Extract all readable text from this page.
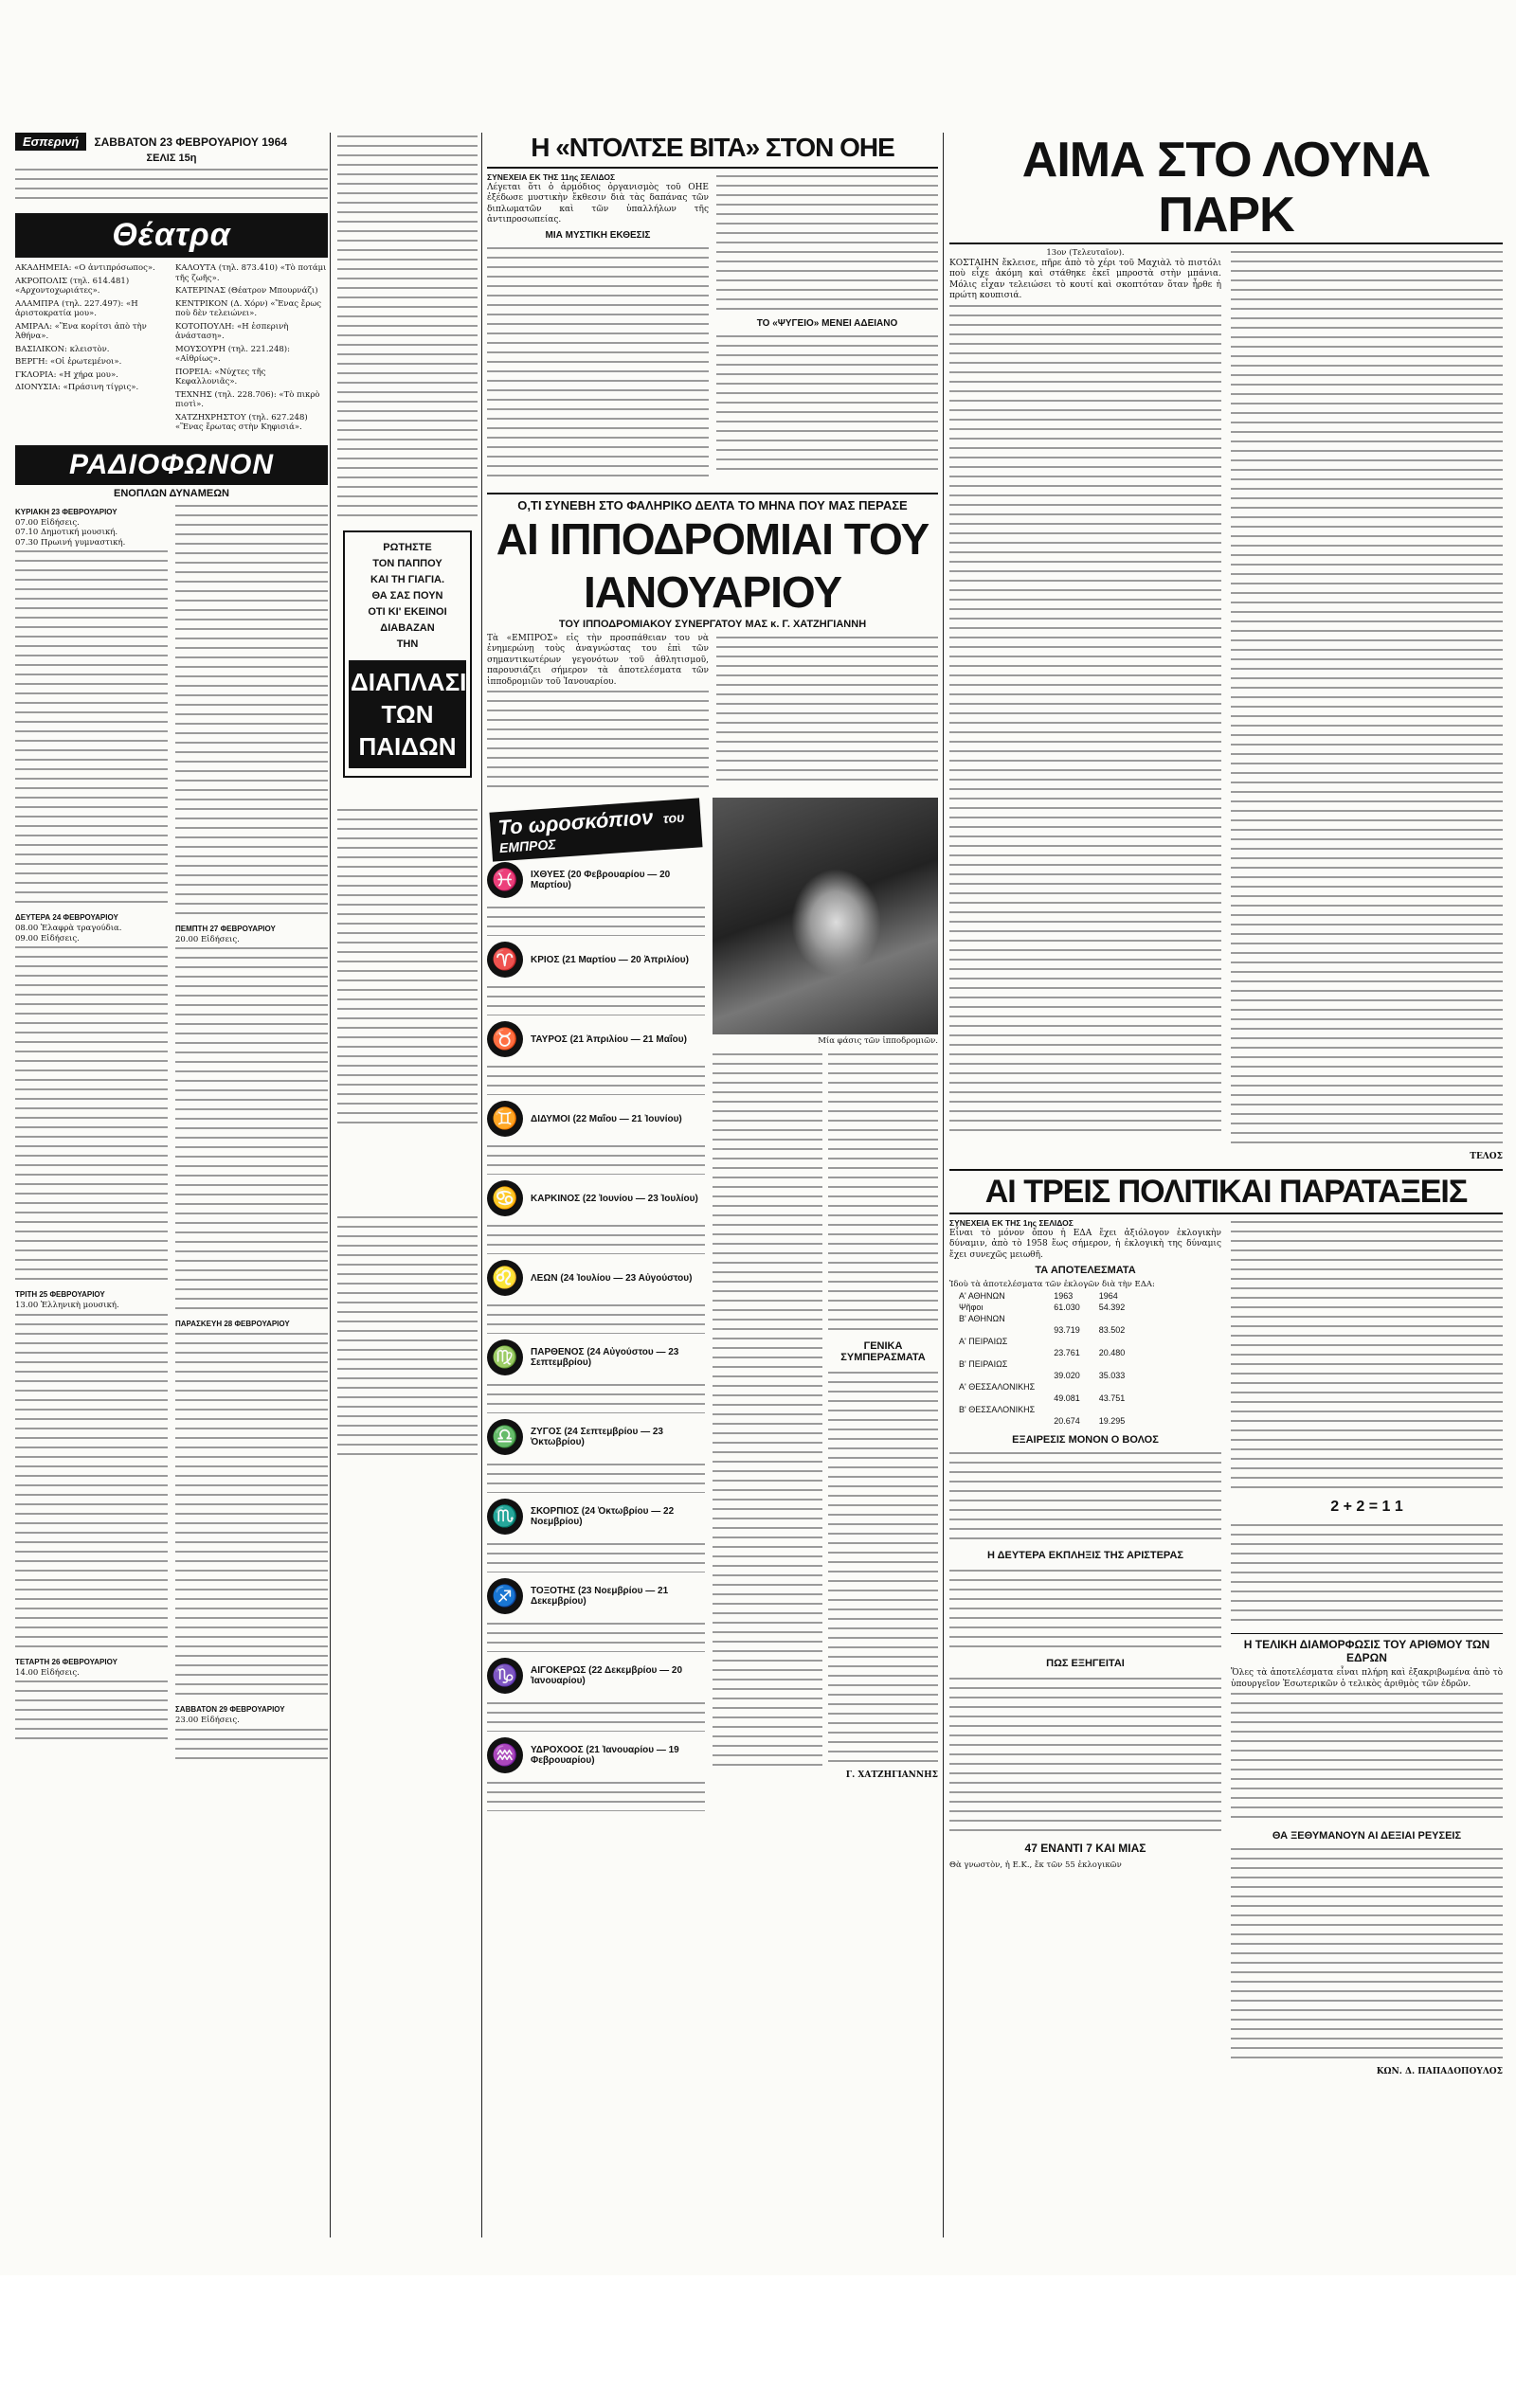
Εσπερινή	ΣΑΒΒΑΤΟΝ 23 ΦΕΒΡΟΥΑΡΙΟΥ 1964
ΣΕΛΙΣ 15η
Θέατρα

ΑΚΑΔΗΜΕΙΑ: «Ο ἀντιπρόσωπος».

ΑΚΡΟΠΟΛΙΣ (τηλ. 614.481) «Αρχοντοχωριάτες».

ΑΛΑΜΠΡΑ (τηλ. 227.497): «Η ἀριστοκρατία μου».

ΑΜΙΡΑΛ: «Ἕνα κορίτσι ἀπὸ τὴν Ἀθήνα».

ΒΑΣΙΛΙΚΟΝ: κλειστὸν.

ΒΕΡΓΗ: «Οἱ ἐρωτεμένοι».

ΓΚΛΟΡΙΑ: «Η χήρα μου».

ΔΙΟΝΥΣΙΑ: «Πράσινη τίγρις».

ΚΑΛΟΥΤΑ (τηλ. 873.410) «Τὸ ποτάμι τῆς ζωῆς».

ΚΑΤΕΡΙΝΑΣ (Θέατρον Μπουρνάζι)

ΚΕΝΤΡΙΚΟΝ (Δ. Χόρν) «Ἕνας ἔρως ποὺ δὲν τελειώνει».

ΚΟΤΟΠΟΥΛΗ: «Η ἐσπερινὴ ἀνάσταση».

ΜΟΥΣΟΥΡΗ (τηλ. 221.248): «Αἰθρίως».

ΠΟΡΕΙΑ: «Νύχτες τῆς Κεφαλλονιᾶς».

ΤΕΧΝΗΣ (τηλ. 228.706): «Τὸ πικρὸ πιοτὶ».

ΧΑΤΖΗΧΡΗΣΤΟΥ (τηλ. 627.248) «Ἕνας ἔρωτας στὴν Κηφισιά».

ΡΑΔΙΟΦΩΝΟΝ
ΕΝΟΠΛΩΝ ΔΥΝΑΜΕΩΝ
ΚΥΡΙΑΚΗ 23 ΦΕΒΡΟΥΑΡΙΟΥ
07.00 Εἰδήσεις.
07.10 Δημοτική μουσική.
07.30 Πρωινή γυμναστική.
ΔΕΥΤΕΡΑ 24 ΦΕΒΡΟΥΑΡΙΟΥ
08.00 Ἐλαφρὰ τραγούδια.
09.00 Εἰδήσεις.
ΤΡΙΤΗ 25 ΦΕΒΡΟΥΑΡΙΟΥ
13.00 Ἑλληνικὴ μουσική.
ΤΕΤΑΡΤΗ 26 ΦΕΒΡΟΥΑΡΙΟΥ
14.00 Εἰδήσεις.
ΠΕΜΠΤΗ 27 ΦΕΒΡΟΥΑΡΙΟΥ
20.00 Εἰδήσεις.
ΠΑΡΑΣΚΕΥΗ 28 ΦΕΒΡΟΥΑΡΙΟΥ
ΣΑΒΒΑΤΟΝ 29 ΦΕΒΡΟΥΑΡΙΟΥ
23.00 Εἰδήσεις.
ΡΩΤΗΣΤΕ
ΤΟΝ ΠΑΠΠΟΥ
ΚΑΙ ΤΗ ΓΙΑΓΙΑ.
ΘΑ ΣΑΣ ΠΟΥΝ
ΟΤΙ ΚΙ' ΕΚΕΙΝΟΙ
ΔΙΑΒΑΖΑΝ
ΤΗΝ
ΔΙΑΠΛΑΣΙ ΤΩΝ ΠΑΙΔΩΝ
Η «ΝΤΟΛΤΣΕ ΒΙΤΑ» ΣΤΟΝ ΟΗΕ
ΣΥΝΕΧΕΙΑ ΕΚ ΤΗΣ 11ης ΣΕΛΙΔΟΣ
Λέγεται ὅτι ὁ ἀρμόδιος ὀργανισμὸς τοῦ ΟΗΕ ἐξέδωσε μυστικὴν ἔκθεσιν διὰ τὰς δαπάνας τῶν διπλωματῶν καὶ τῶν ὑπαλλήλων τῆς ἀντιπροσωπείας.
ΜΙΑ ΜΥΣΤΙΚΗ ΕΚΘΕΣΙΣ
ΤΟ «ΨΥΓΕΙΟ» ΜΕΝΕΙ ΑΔΕΙΑΝΟ
Ο,ΤΙ ΣΥΝΕΒΗ ΣΤΟ ΦΑΛΗΡΙΚΟ ΔΕΛΤΑ ΤΟ ΜΗΝΑ ΠΟΥ ΜΑΣ ΠΕΡΑΣΕ
ΑΙ ΙΠΠΟΔΡΟΜΙΑΙ ΤΟΥ ΙΑΝΟΥΑΡΙΟΥ
ΤΟΥ ΙΠΠΟΔΡΟΜΙΑΚΟΥ ΣΥΝΕΡΓΑΤΟΥ ΜΑΣ κ. Γ. ΧΑΤΖΗΓΙΑΝΝΗ
Τὰ «ΕΜΠΡΟΣ» εἰς τὴν προσπάθειαν του νὰ ἐνημερώνῃ τοὺς ἀναγνώστας του ἐπὶ τῶν σημαντικωτέρων γεγονότων τοῦ ἀθλητισμοῦ, παρουσιάζει σήμερον τὰ ἀποτελέσματα τῶν ἱπποδρομιῶν τοῦ Ἰανουαρίου.
Το ωροσκόπιον του ΕΜΠΡΟΣ
♓	ΙΧΘΥΕΣ (20 Φεβρουαρίου — 20 Μαρτίου)
♈	ΚΡΙΟΣ (21 Μαρτίου — 20 Ἀπριλίου)
♉	ΤΑΥΡΟΣ (21 Ἀπριλίου — 21 Μαΐου)
♊	ΔΙΔΥΜΟΙ (22 Μαΐου — 21 Ἰουνίου)
♋	ΚΑΡΚΙΝΟΣ (22 Ἰουνίου — 23 Ἰουλίου)
♌	ΛΕΩΝ (24 Ἰουλίου — 23 Αὐγούστου)
♍	ΠΑΡΘΕΝΟΣ (24 Αὐγούστου — 23 Σεπτεμβρίου)
♎	ΖΥΓΟΣ (24 Σεπτεμβρίου — 23 Ὀκτωβρίου)
♏	ΣΚΟΡΠΙΟΣ (24 Ὀκτωβρίου — 22 Νοεμβρίου)
♐	ΤΟΞΟΤΗΣ (23 Νοεμβρίου — 21 Δεκεμβρίου)
♑	ΑΙΓΟΚΕΡΩΣ (22 Δεκεμβρίου — 20 Ἰανουαρίου)
♒	ΥΔΡΟΧΟΟΣ (21 Ἰανουαρίου — 19 Φεβρουαρίου)
Μία φάσις τῶν ἱπποδρομιῶν.
ΓΕΝΙΚΑ ΣΥΜΠΕΡΑΣΜΑΤΑ
Γ. ΧΑΤΖΗΓΙΑΝΝΗΣ
ΑΙΜΑ ΣΤΟ ΛΟΥΝΑ ΠΑΡΚ
13ον (Τελευταῖον).
ΚΟΣΤΑΙΗΝ ἔκλεισε, πῆρε ἀπὸ τὸ χέρι τοῦ Μαχιὰλ τὸ πιστόλι ποὺ εἶχε ἀκόμη καὶ στάθηκε ἐκεῖ μπροστὰ στὴν μπάνια. Μόλις εἶχαν τελειώσει τὸ κουτί καὶ σκοπτόταν ὅταν ἦρθε ἡ πρώτη κουπισιά.
ΤΕΛΟΣ
ΑΙ ΤΡΕΙΣ ΠΟΛΙΤΙΚΑΙ ΠΑΡΑΤΑΞΕΙΣ
ΣΥΝΕΧΕΙΑ ΕΚ ΤΗΣ 1ης ΣΕΛΙΔΟΣ
Εἶναι τὸ μόνον ὄπου ἡ ΕΔΑ ἔχει ἀξιόλογον ἐκλογικὴν δύναμιν, ἀπὸ τὸ 1958 ἕως σήμερον, ἡ ἐκλογικὴ της δύναμις ἔχει συνεχῶς μειωθῆ.
ΤΑ ΑΠΟΤΕΛΕΣΜΑΤΑ
Ἰδοὺ τὰ ἀποτελέσματα τῶν ἐκλογῶν διὰ τὴν ΕΔΑ:
Α' ΑΘΗΝΩΝ	1963	1964
Ψῆφοι	61.030	54.392
Β' ΑΘΗΝΩΝ		
	93.719	83.502
Α' ΠΕΙΡΑΙΩΣ		
	23.761	20.480
Β' ΠΕΙΡΑΙΩΣ		
	39.020	35.033
Α' ΘΕΣΣΑΛΟΝΙΚΗΣ		
	49.081	43.751
Β' ΘΕΣΣΑΛΟΝΙΚΗΣ		
	20.674	19.295
ΕΞΑΙΡΕΣΙΣ ΜΟΝΟΝ Ο ΒΟΛΟΣ
Η ΔΕΥΤΕΡΑ ΕΚΠΛΗΞΙΣ ΤΗΣ ΑΡΙΣΤΕΡΑΣ
ΠΩΣ ΕΞΗΓΕΙΤΑΙ
47 ΕΝΑΝΤΙ 7 ΚΑΙ ΜΙΑΣ
Θὰ γνωστὸν, ἡ Ε.Κ., ἔκ τῶν 55 ἐκλογικῶν
2 + 2 = 1 1
Η ΤΕΛΙΚΗ ΔΙΑΜΟΡΦΩΣΙΣ ΤΟΥ ΑΡΙΘΜΟΥ ΤΩΝ ΕΔΡΩΝ
Ὅλες τὰ ἀποτελέσματα εἶναι πλήρη καὶ ἐξακριβωμένα ἀπὸ τὸ ὑπουργεῖον Ἐσωτερικῶν ὁ τελικὸς ἀριθμὸς τῶν ἑδρῶν.
ΘΑ ΞΕΘΥΜΑΝΟΥΝ ΑΙ ΔΕΞΙΑΙ ΡΕΥΣΕΙΣ
ΚΩΝ. Δ. ΠΑΠΑΔΟΠΟΥΛΟΣ
